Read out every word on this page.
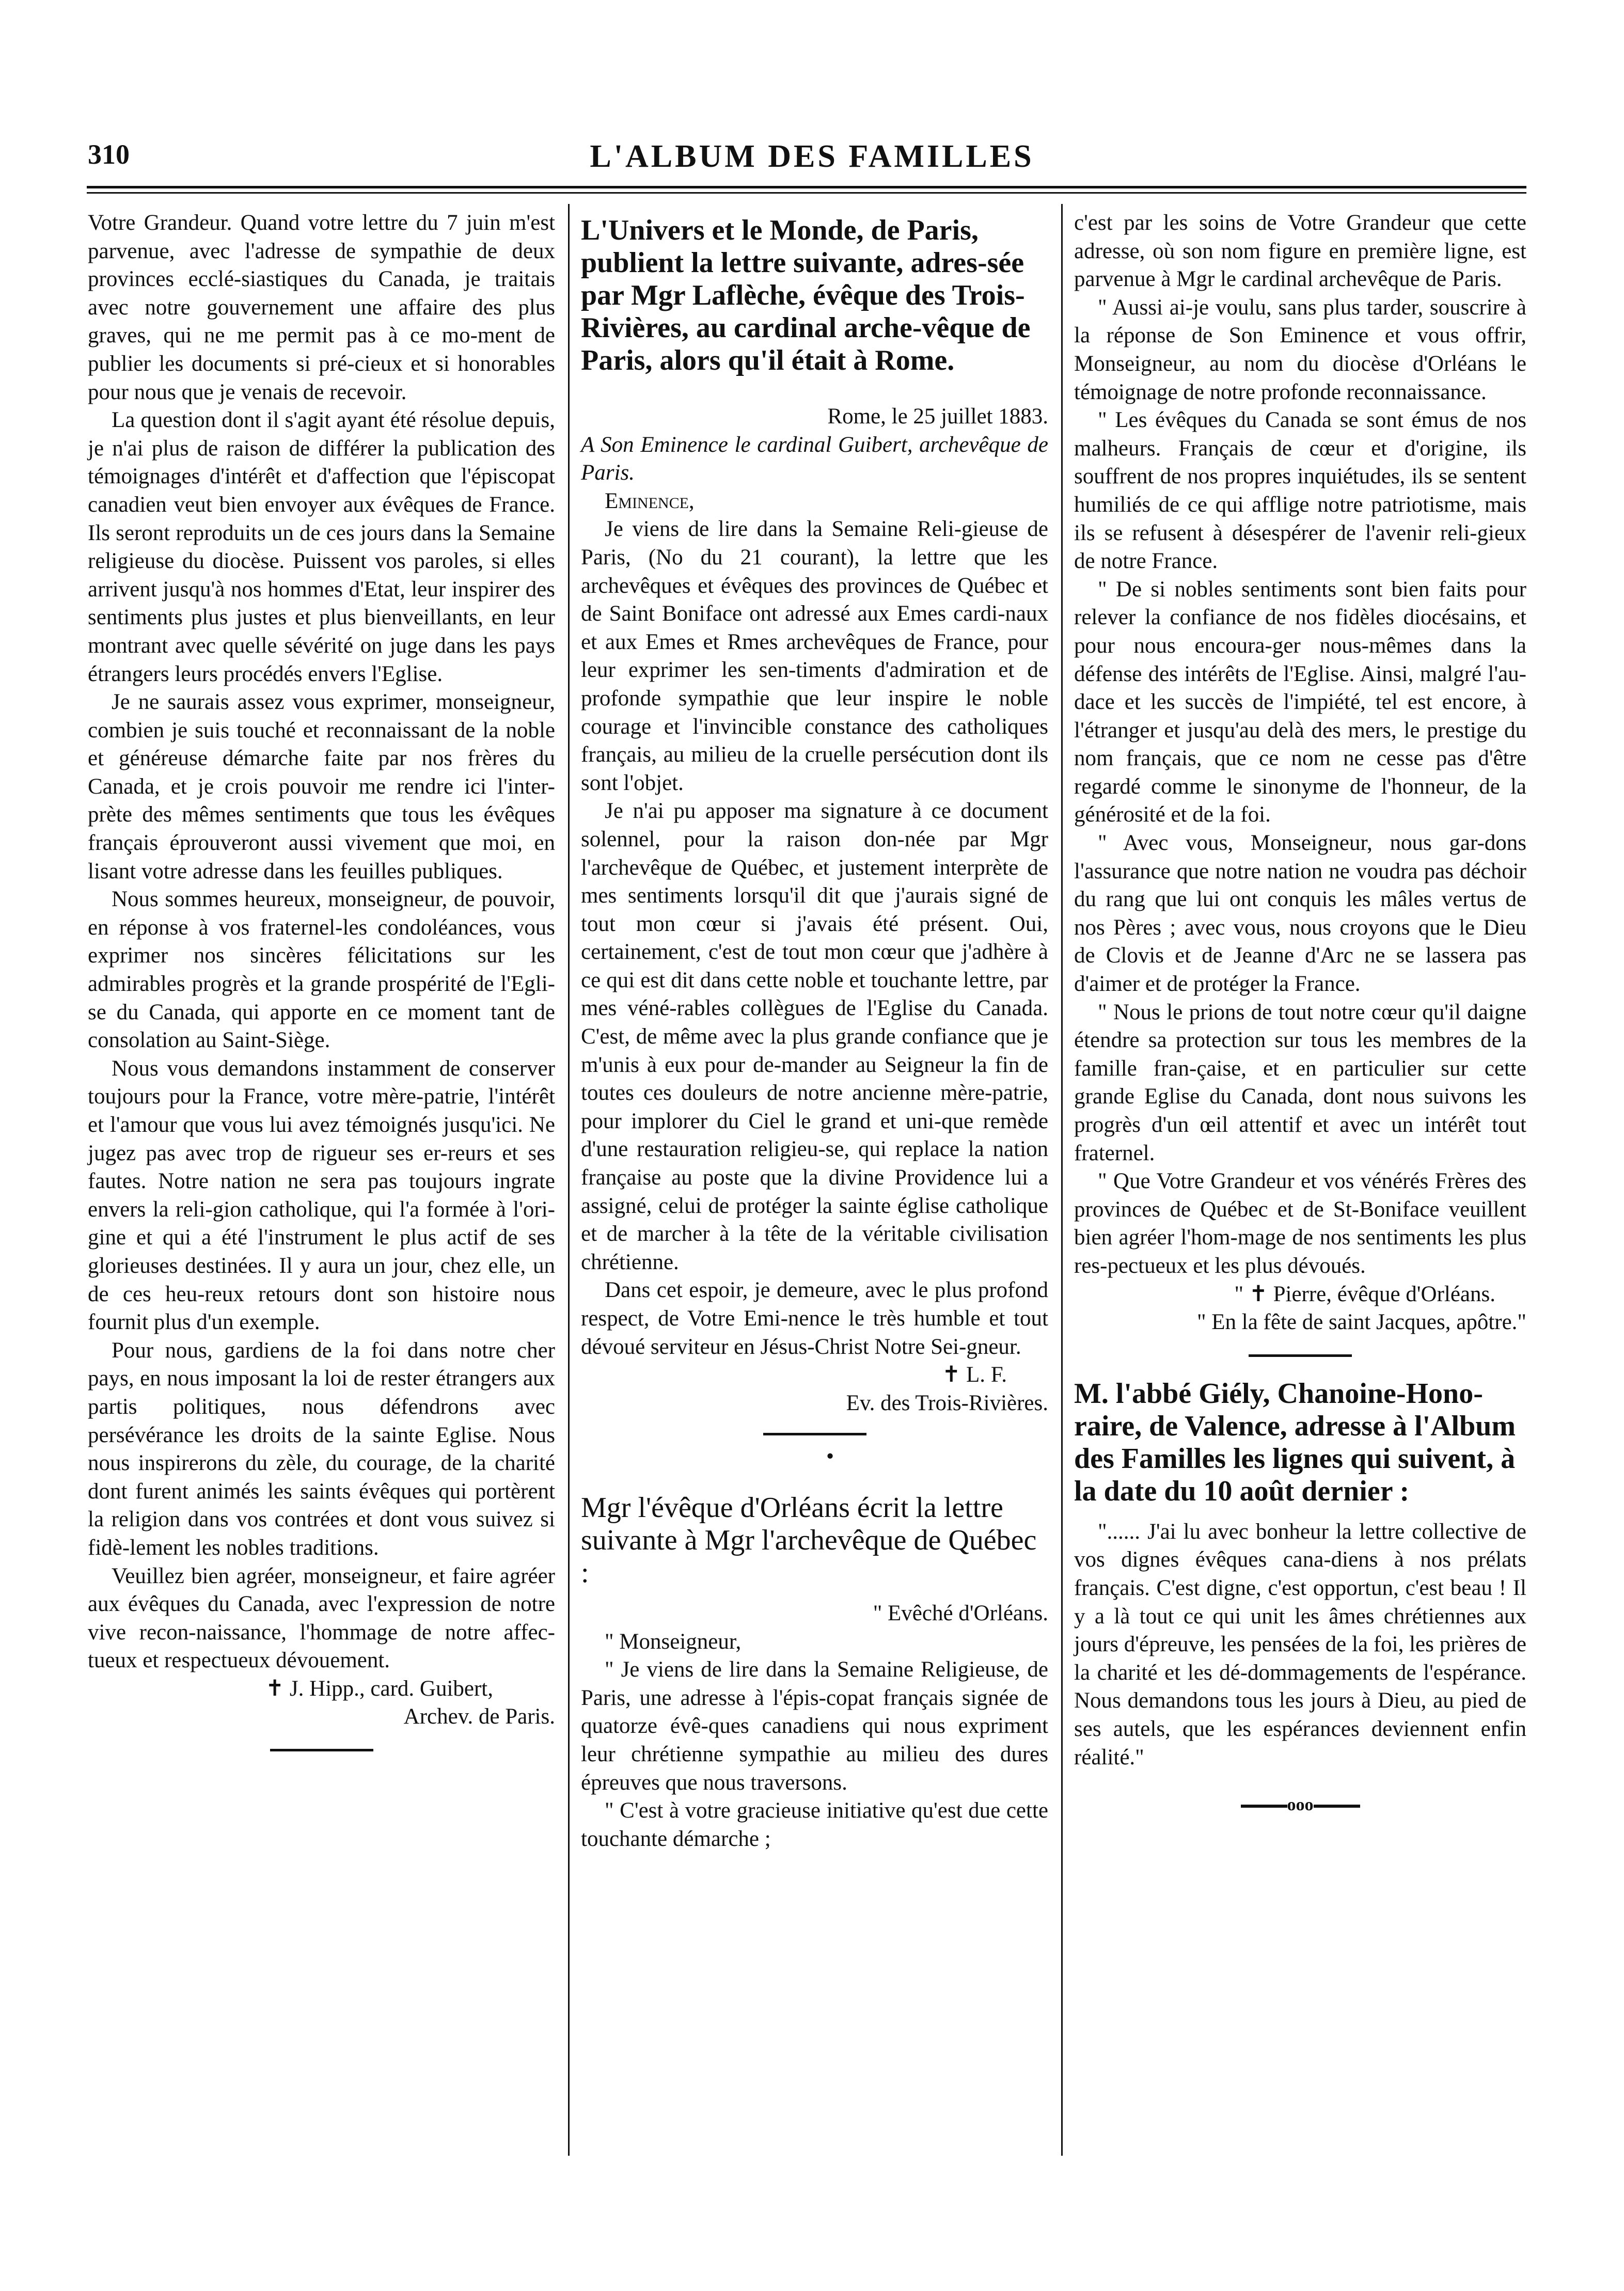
L'ALBUM DES FAMILLES
310

Votre Grandeur. Quand votre lettre du 7 juin m'est parvenue, avec l'adresse de sympathie de deux provinces ecclé-siastiques du Canada, je traitais avec notre gouvernement une affaire des plus graves, qui ne me permit pas à ce mo-ment de publier les documents si pré-cieux et si honorables pour nous que je venais de recevoir.

La question dont il s'agit ayant été résolue depuis, je n'ai plus de raison de différer la publication des témoignages d'intérêt et d'affection que l'épiscopat canadien veut bien envoyer aux évêques de France. Ils seront reproduits un de ces jours dans la Semaine religieuse du diocèse. Puissent vos paroles, si elles arrivent jusqu'à nos hommes d'Etat, leur inspirer des sentiments plus justes et plus bienveillants, en leur montrant avec quelle sévérité on juge dans les pays étrangers leurs procédés envers l'Eglise.

Je ne saurais assez vous exprimer, monseigneur, combien je suis touché et reconnaissant de la noble et généreuse démarche faite par nos frères du Canada, et je crois pouvoir me rendre ici l'inter-prète des mêmes sentiments que tous les évêques français éprouveront aussi vivement que moi, en lisant votre adresse dans les feuilles publiques.

Nous sommes heureux, monseigneur, de pouvoir, en réponse à vos fraternel-les condoléances, vous exprimer nos sincères félicitations sur les admirables progrès et la grande prospérité de l'Egli-se du Canada, qui apporte en ce moment tant de consolation au Saint-Siège.

Nous vous demandons instamment de conserver toujours pour la France, votre mère-patrie, l'intérêt et l'amour que vous lui avez témoignés jusqu'ici. Ne jugez pas avec trop de rigueur ses er-reurs et ses fautes. Notre nation ne sera pas toujours ingrate envers la reli-gion catholique, qui l'a formée à l'ori-gine et qui a été l'instrument le plus actif de ses glorieuses destinées. Il y aura un jour, chez elle, un de ces heu-reux retours dont son histoire nous fournit plus d'un exemple.

Pour nous, gardiens de la foi dans notre cher pays, en nous imposant la loi de rester étrangers aux partis politiques, nous défendrons avec persévérance les droits de la sainte Eglise. Nous nous inspirerons du zèle, du courage, de la charité dont furent animés les saints évêques qui portèrent la religion dans vos contrées et dont vous suivez si fidè-lement les nobles traditions.

Veuillez bien agréer, monseigneur, et faire agréer aux évêques du Canada, avec l'expression de notre vive recon-naissance, l'hommage de notre affec-tueux et respectueux dévouement.

✝ J. Hipp., card. Guibert,

Archev. de Paris.

L'Univers et le Monde, de Paris, publient la lettre suivante, adres-sée par Mgr Laflèche, évêque des Trois-Rivières, au cardinal arche-vêque de Paris, alors qu'il était à Rome.

Rome, le 25 juillet 1883.

A Son Eminence le cardinal Guibert, archevêque de Paris.

Eminence,

Je viens de lire dans la Semaine Reli-gieuse de Paris, (No du 21 courant), la lettre que les archevêques et évêques des provinces de Québec et de Saint Boniface ont adressé aux Emes cardi-naux et aux Emes et Rmes archevêques de France, pour leur exprimer les sen-timents d'admiration et de profonde sympathie que leur inspire le noble courage et l'invincible constance des catholiques français, au milieu de la cruelle persécution dont ils sont l'objet.

Je n'ai pu apposer ma signature à ce document solennel, pour la raison don-née par Mgr l'archevêque de Québec, et justement interprète de mes sentiments lorsqu'il dit que j'aurais signé de tout mon cœur si j'avais été présent. Oui, certainement, c'est de tout mon cœur que j'adhère à ce qui est dit dans cette noble et touchante lettre, par mes véné-rables collègues de l'Eglise du Canada. C'est, de même avec la plus grande confiance que je m'unis à eux pour de-mander au Seigneur la fin de toutes ces douleurs de notre ancienne mère-patrie, pour implorer du Ciel le grand et uni-que remède d'une restauration religieu-se, qui replace la nation française au poste que la divine Providence lui a assigné, celui de protéger la sainte église catholique et de marcher à la tête de la véritable civilisation chrétienne.

Dans cet espoir, je demeure, avec le plus profond respect, de Votre Emi-nence le très humble et tout dévoué serviteur en Jésus-Christ Notre Sei-gneur.

✝ L. F.

Ev. des Trois-Rivières.

•

Mgr l'évêque d'Orléans écrit la lettre suivante à Mgr l'archevêque de Québec :

" Evêché d'Orléans.

" Monseigneur,

" Je viens de lire dans la Semaine Religieuse, de Paris, une adresse à l'épis-copat français signée de quatorze évê-ques canadiens qui nous expriment leur chrétienne sympathie au milieu des dures épreuves que nous traversons.

" C'est à votre gracieuse initiative qu'est due cette touchante démarche ;

c'est par les soins de Votre Grandeur que cette adresse, où son nom figure en première ligne, est parvenue à Mgr le cardinal archevêque de Paris.

" Aussi ai-je voulu, sans plus tarder, souscrire à la réponse de Son Eminence et vous offrir, Monseigneur, au nom du diocèse d'Orléans le témoignage de notre profonde reconnaissance.

" Les évêques du Canada se sont émus de nos malheurs. Français de cœur et d'origine, ils souffrent de nos propres inquiétudes, ils se sentent humiliés de ce qui afflige notre patriotisme, mais ils se refusent à désespérer de l'avenir reli-gieux de notre France.

" De si nobles sentiments sont bien faits pour relever la confiance de nos fidèles diocésains, et pour nous encoura-ger nous-mêmes dans la défense des intérêts de l'Eglise. Ainsi, malgré l'au-dace et les succès de l'impiété, tel est encore, à l'étranger et jusqu'au delà des mers, le prestige du nom français, que ce nom ne cesse pas d'être regardé comme le sinonyme de l'honneur, de la générosité et de la foi.

" Avec vous, Monseigneur, nous gar-dons l'assurance que notre nation ne voudra pas déchoir du rang que lui ont conquis les mâles vertus de nos Pères ; avec vous, nous croyons que le Dieu de Clovis et de Jeanne d'Arc ne se lassera pas d'aimer et de protéger la France.

" Nous le prions de tout notre cœur qu'il daigne étendre sa protection sur tous les membres de la famille fran-çaise, et en particulier sur cette grande Eglise du Canada, dont nous suivons les progrès d'un œil attentif et avec un intérêt tout fraternel.

" Que Votre Grandeur et vos vénérés Frères des provinces de Québec et de St-Boniface veuillent bien agréer l'hom-mage de nos sentiments les plus res-pectueux et les plus dévoués.

" ✝ Pierre, évêque d'Orléans.

" En la fête de saint Jacques, apôtre."

M. l'abbé Giély, Chanoine-Hono-raire, de Valence, adresse à l'Album des Familles les lignes qui suivent, à la date du 10 août dernier :

"...... J'ai lu avec bonheur la lettre collective de vos dignes évêques cana-diens à nos prélats français. C'est digne, c'est opportun, c'est beau ! Il y a là tout ce qui unit les âmes chrétiennes aux jours d'épreuve, les pensées de la foi, les prières de la charité et les dé-dommagements de l'espérance. Nous demandons tous les jours à Dieu, au pied de ses autels, que les espérances deviennent enfin réalité."

ooo
